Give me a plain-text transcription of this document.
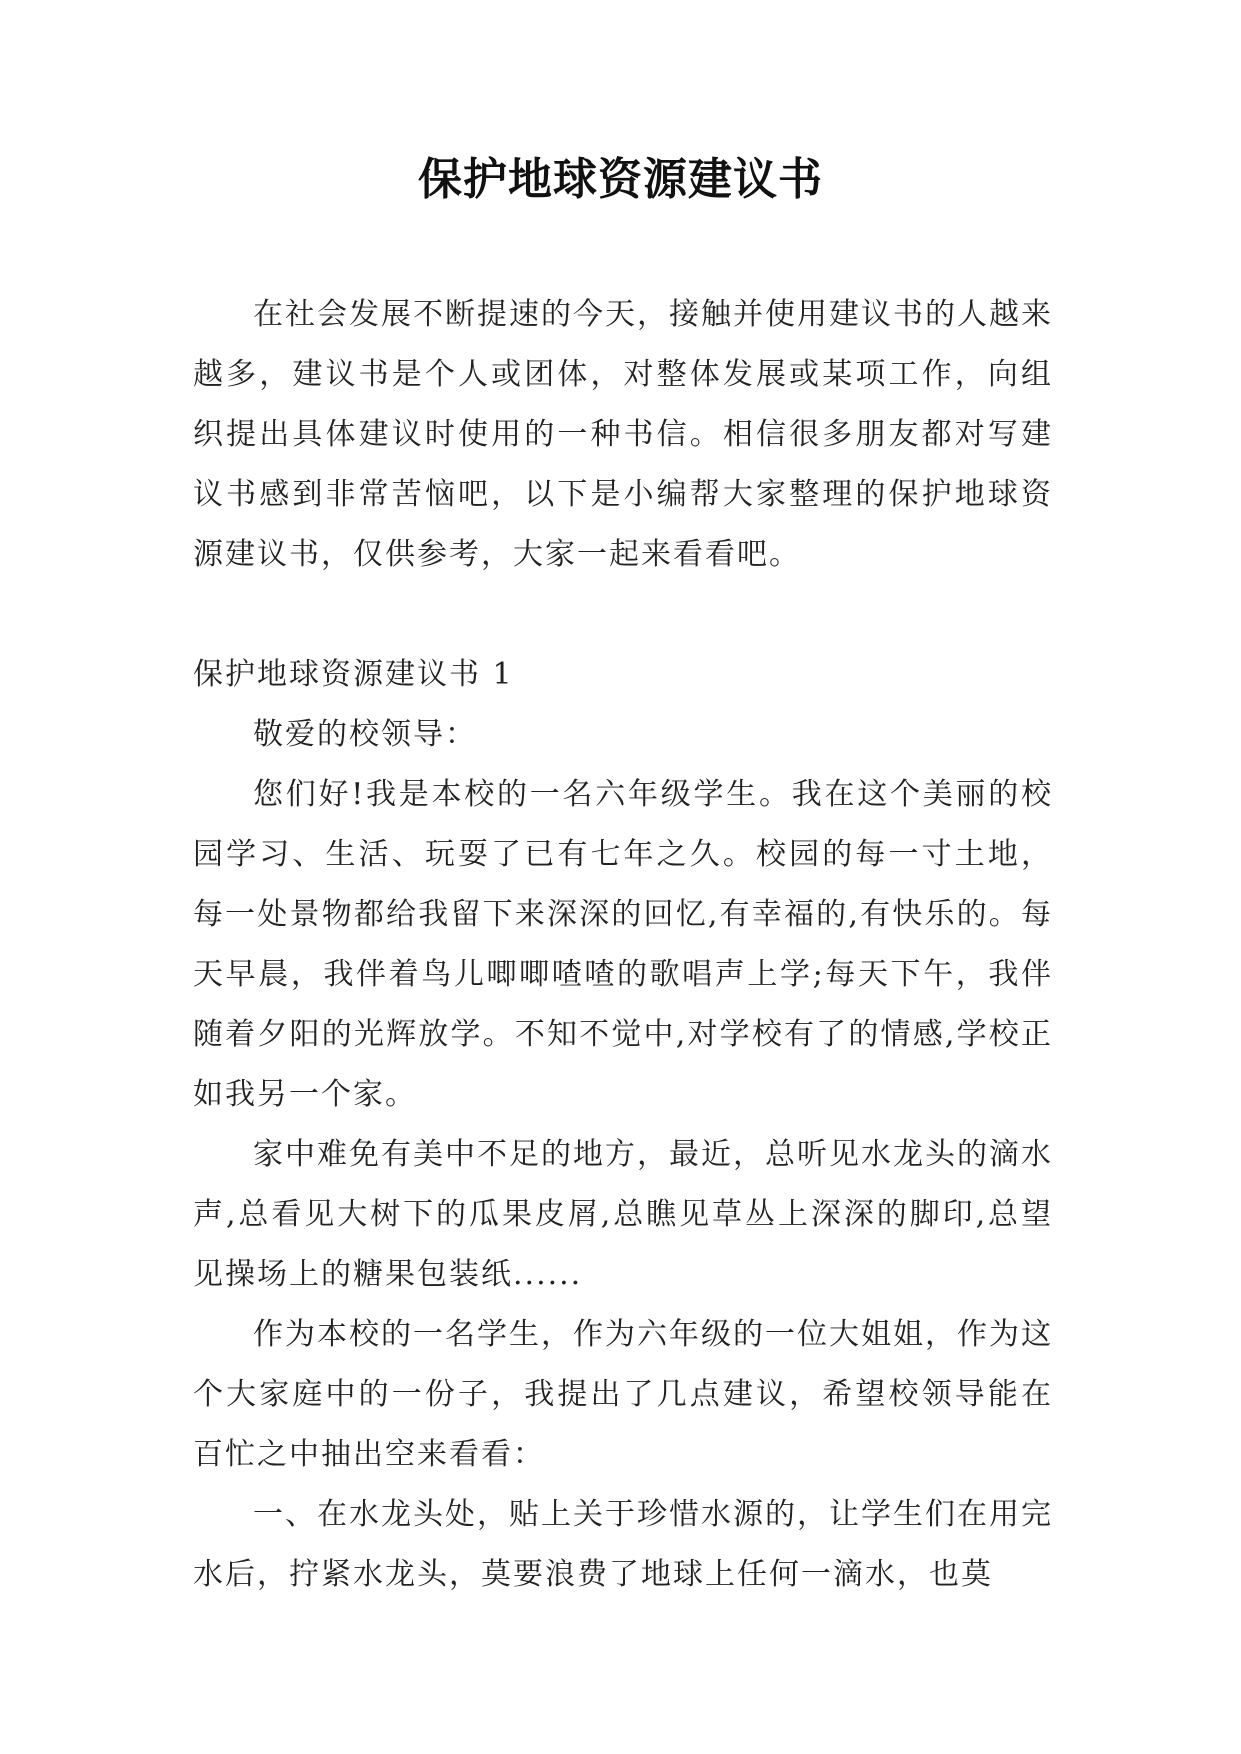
保护地球资源建议书

在社会发展不断提速的今天，接触并使用建议书的人越来越多，建议书是个人或团体，对整体发展或某项工作，向组织提出具体建议时使用的一种书信。相信很多朋友都对写建议书感到非常苦恼吧，以下是小编帮大家整理的保护地球资源建议书，仅供参考，大家一起来看看吧。

保护地球资源建议书 1

敬爱的校领导：

您们好!我是本校的一名六年级学生。我在这个美丽的校园学习、生活、玩耍了已有七年之久。校园的每一寸土地，每一处景物都给我留下来深深的回忆,有幸福的,有快乐的。每天早晨，我伴着鸟儿唧唧喳喳的歌唱声上学;每天下午，我伴随着夕阳的光辉放学。不知不觉中,对学校有了的情感,学校正如我另一个家。

家中难免有美中不足的地方，最近，总听见水龙头的滴水声,总看见大树下的瓜果皮屑,总瞧见草丛上深深的脚印,总望见操场上的糖果包装纸......

作为本校的一名学生，作为六年级的一位大姐姐，作为这个大家庭中的一份子，我提出了几点建议，希望校领导能在百忙之中抽出空来看看：

一、在水龙头处，贴上关于珍惜水源的，让学生们在用完水后，拧紧水龙头，莫要浪费了地球上任何一滴水，也莫
